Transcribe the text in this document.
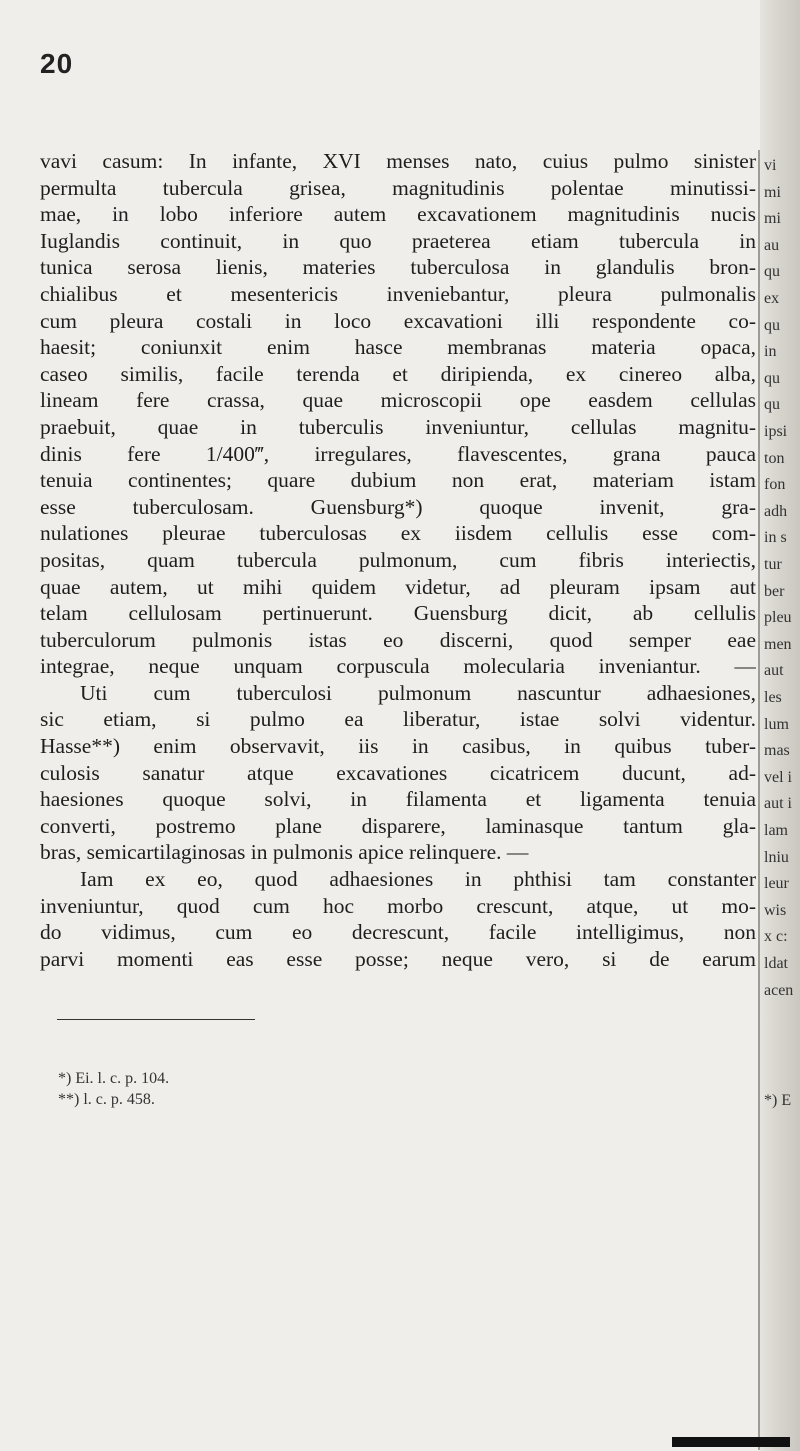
20
vavi casum: In infante, XVI menses nato, cuius pulmo sinister
permulta tubercula grisea, magnitudinis polentae minutissi-
mae, in lobo inferiore autem excavationem magnitudinis nucis
Iuglandis continuit, in quo praeterea etiam tubercula in
tunica serosa lienis, materies tuberculosa in glandulis bron-
chialibus et mesentericis inveniebantur, pleura pulmonalis
cum pleura costali in loco excavationi illi respondente co-
haesit; coniunxit enim hasce membranas materia opaca,
caseo similis, facile terenda et diripienda, ex cinereo alba,
lineam fere crassa, quae microscopii ope easdem cellulas
praebuit, quae in tuberculis inveniuntur, cellulas magnitu-
dinis fere 1/400‴, irregulares, flavescentes, grana pauca
tenuia continentes; quare dubium non erat, materiam istam
esse tuberculosam. Guensburg*) quoque invenit, gra-
nulationes pleurae tuberculosas ex iisdem cellulis esse com-
positas, quam tubercula pulmonum, cum fibris interiectis,
quae autem, ut mihi quidem videtur, ad pleuram ipsam aut
telam cellulosam pertinuerunt. Guensburg dicit, ab cellulis
tuberculorum pulmonis istas eo discerni, quod semper eae
integrae, neque unquam corpuscula molecularia inveniantur. —
Uti cum tuberculosi pulmonum nascuntur adhaesiones,
sic etiam, si pulmo ea liberatur, istae solvi videntur.
Hasse**) enim observavit, iis in casibus, in quibus tuber-
culosis sanatur atque excavationes cicatricem ducunt, ad-
haesiones quoque solvi, in filamenta et ligamenta tenuia
converti, postremo plane disparere, laminasque tantum gla-
bras, semicartilaginosas in pulmonis apice relinquere. —
Iam ex eo, quod adhaesiones in phthisi tam constanter
inveniuntur, quod cum hoc morbo crescunt, atque, ut mo-
do vidimus, cum eo decrescunt, facile intelligimus, non
parvi momenti eas esse posse; neque vero, si de earum
*) Ei. l. c. p. 104.
**) l. c. p. 458.
vi
mi
mi
au
qu
ex
qu
in
qu
qu
ipsi
ton
fon
adh
in s
tur
ber
pleu
men
aut
les
lum
mas
vel i
aut i
lam
lniu
leur
wis
x c:
ldat
acen
*) E
